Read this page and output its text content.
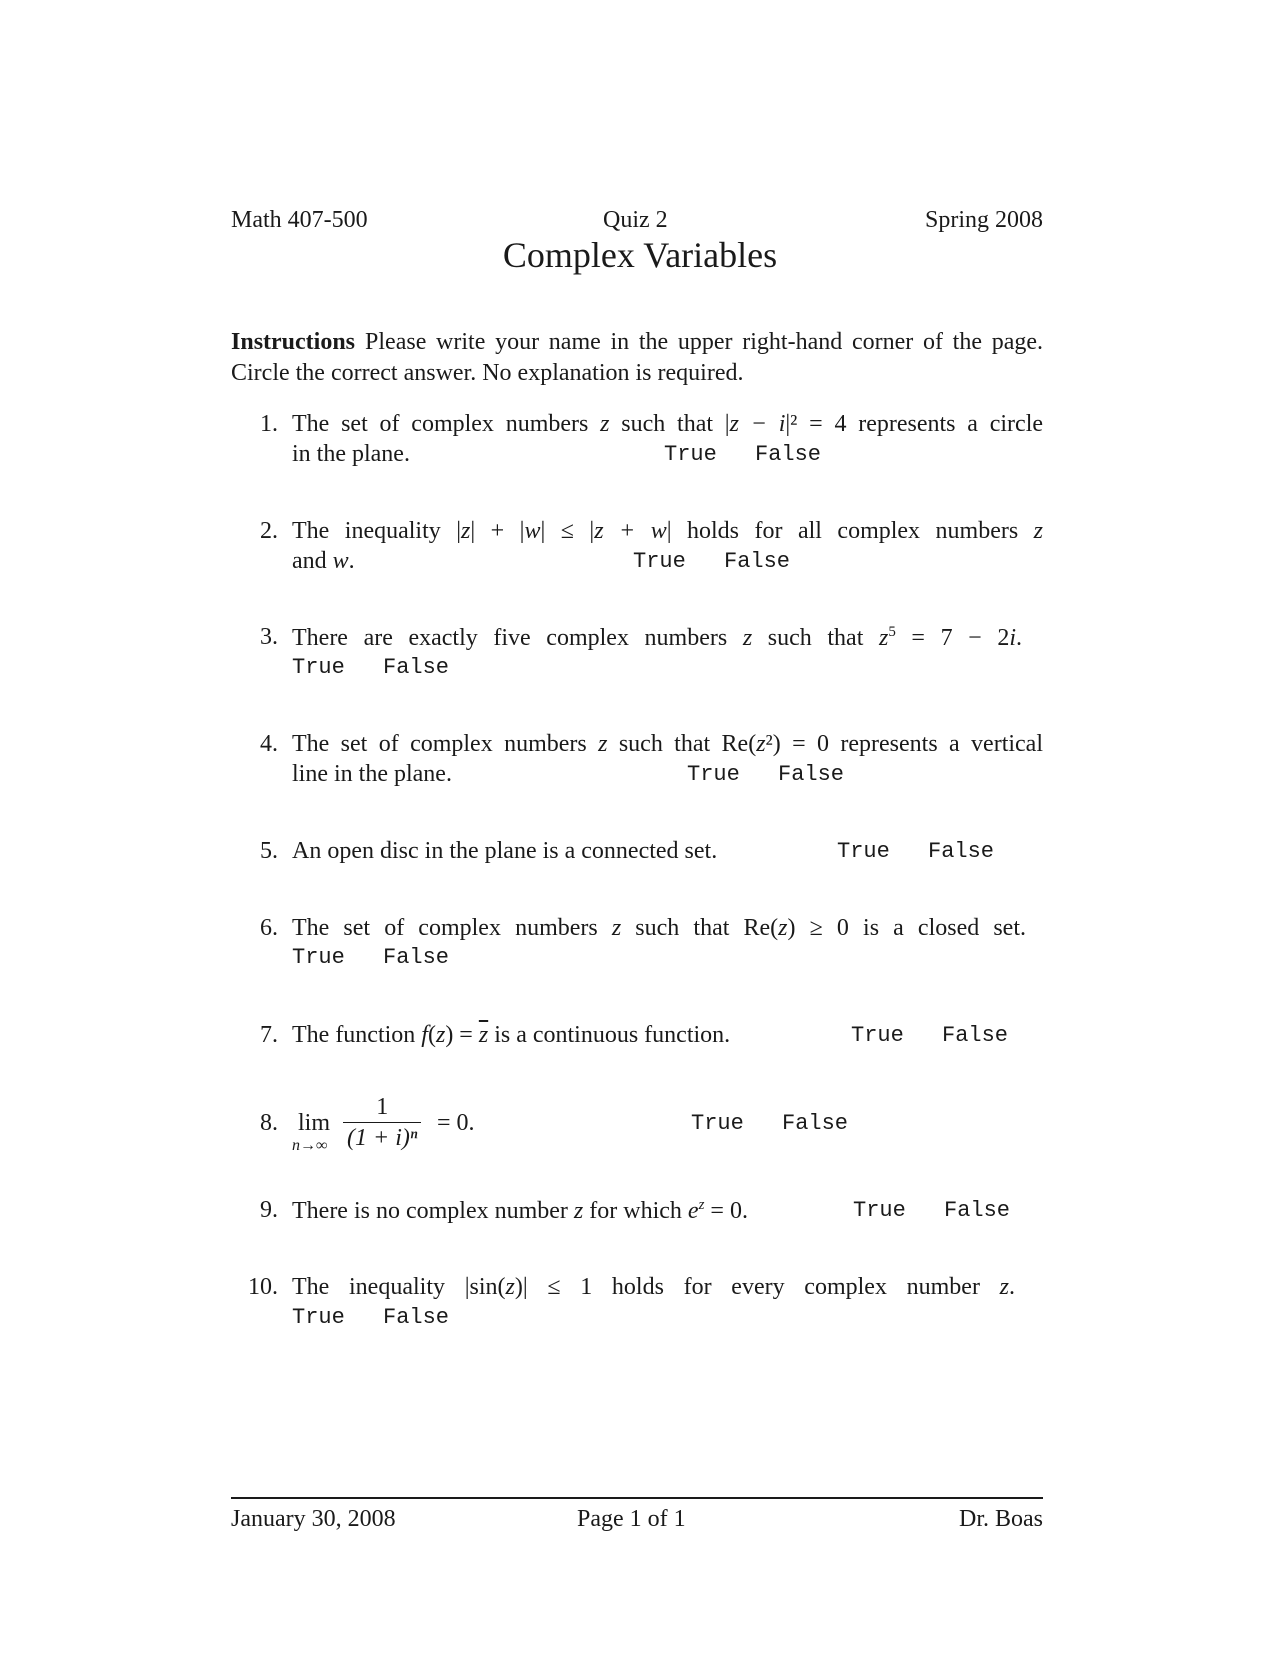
Math 407-500	Quiz 2	Spring 2008
Complex Variables
Instructions Please write your name in the upper right-hand corner of the page. Circle the correct answer. No explanation is required.
1. The set of complex numbers z such that |z − i|² = 4 represents a circle
in the plane.	True False
2. The inequality |z| + |w| ≤ |z + w| holds for all complex numbers z
and w.	True False
3. There are exactly five complex numbers z such that $z^5 = 7 - 2i$.
True False
4. The set of complex numbers z such that Re(z²) = 0 represents a vertical
line in the plane.	True False
5. An open disc in the plane is a connected set.	True False
6. The set of complex numbers z such that Re(z) ≥ 0 is a closed set.
True False
7. The function $f(z) = \overline{z}$ is a continuous function.	True False
8. lim
$n\to\infty \frac{1}{\text{(1 + i)ⁿ}} = 0$.	True False
9. There is no complex number z for which $e^z = 0$.	True False
10. The inequality |sin(z)| ≤ 1 holds for every complex number z.
True False
January 30, 2008	Page 1 of 1	Dr. Boas
